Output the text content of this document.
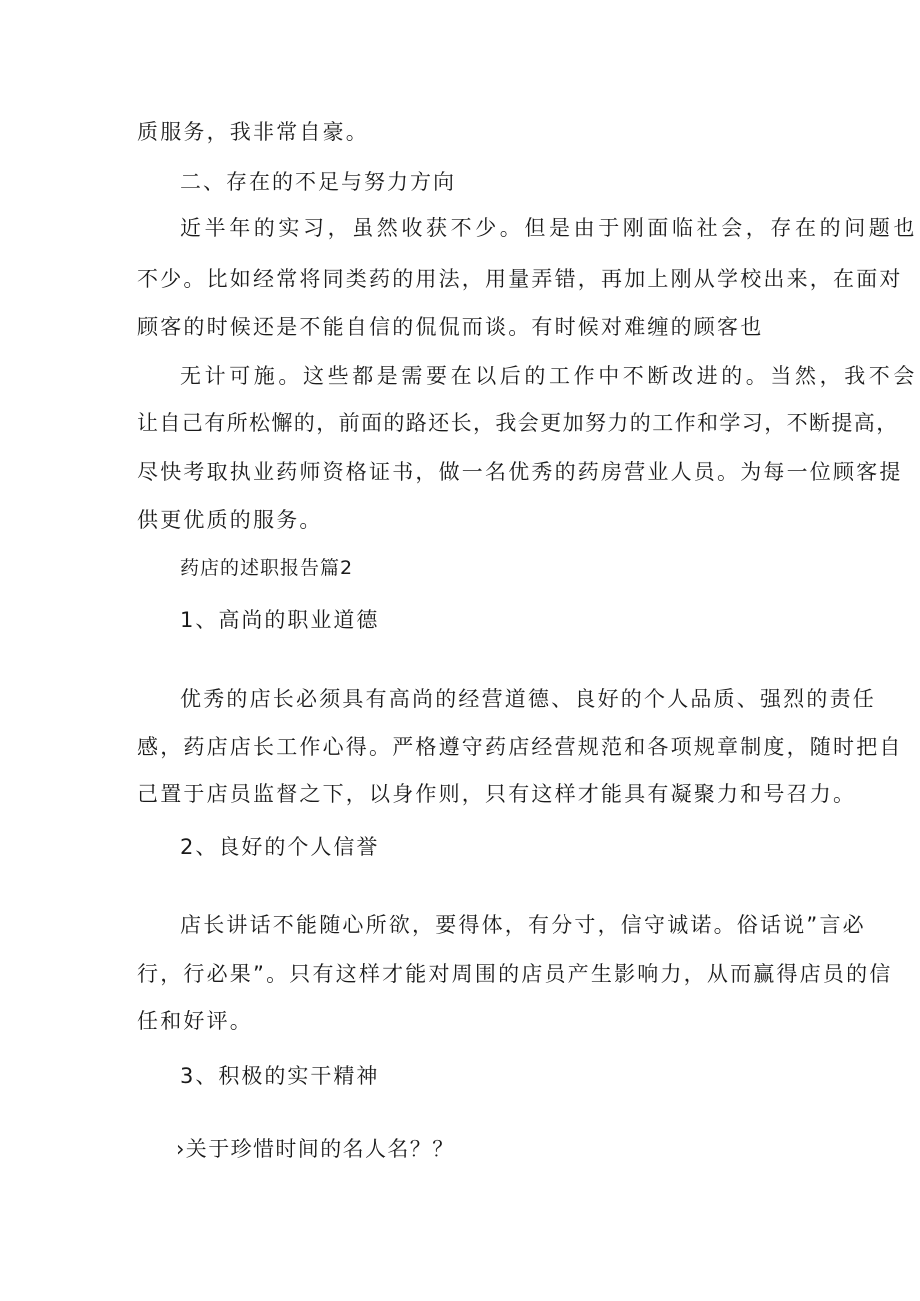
质服务，我非常自豪。
二、存在的不足与努力方向
近半年的实习，虽然收获不少。但是由于刚面临社会，存在的问题也
不少。比如经常将同类药的用法，用量弄错，再加上刚从学校出来，在面对
顾客的时候还是不能自信的侃侃而谈。有时候对难缠的顾客也
无计可施。这些都是需要在以后的工作中不断改进的。当然，我不会
让自己有所松懈的，前面的路还长，我会更加努力的工作和学习，不断提高，
尽快考取执业药师资格证书，做一名优秀的药房营业人员。为每一位顾客提
供更优质的服务。
药店的述职报告篇2
1、高尚的职业道德
优秀的店长必须具有高尚的经营道德、良好的个人品质、强烈的责任
感，药店店长工作心得。严格遵守药店经营规范和各项规章制度，随时把自
己置于店员监督之下，以身作则，只有这样才能具有凝聚力和号召力。
2、良好的个人信誉
店长讲话不能随心所欲，要得体，有分寸，信守诚诺。俗话说”言必
行，行必果”。只有这样才能对周围的店员产生影响力，从而赢得店员的信
任和好评。
3、积极的实干精神
›关于珍惜时间的名人名？？
